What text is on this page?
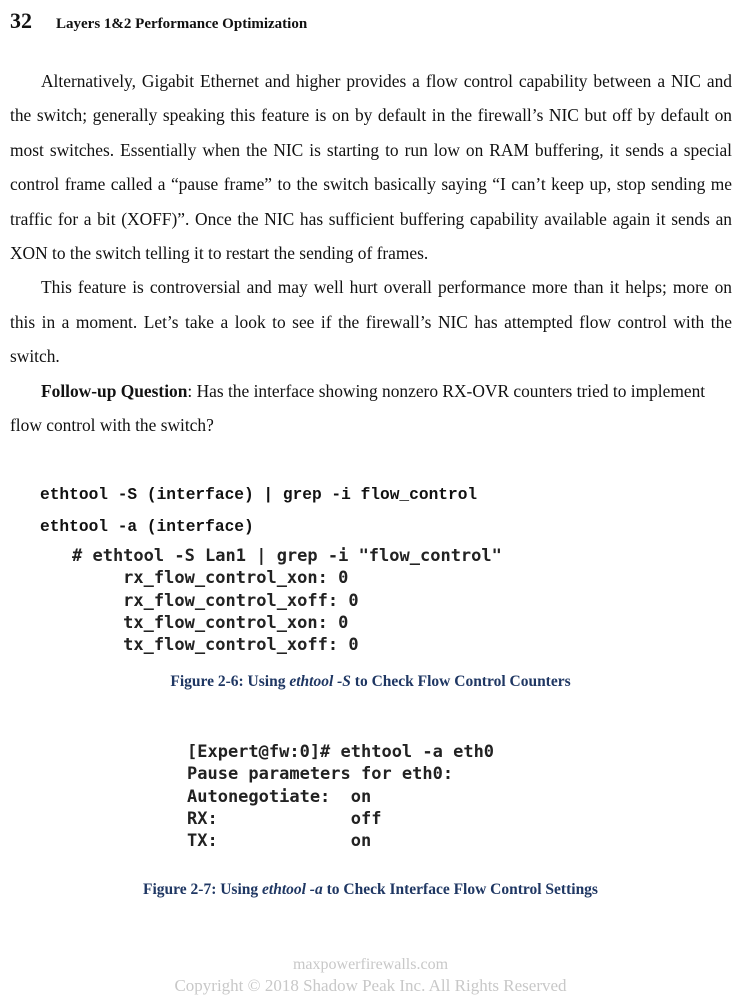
32 Layers 1&2 Performance Optimization

Alternatively, Gigabit Ethernet and higher provides a flow control capability between a NIC and the switch; generally speaking this feature is on by default in the firewall’s NIC but off by default on most switches. Essentially when the NIC is starting to run low on RAM buffering, it sends a special control frame called a “pause frame” to the switch basically saying “I can’t keep up, stop sending me traffic for a bit (XOFF)”. Once the NIC has sufficient buffering capability available again it sends an XON to the switch telling it to restart the sending of frames.

This feature is controversial and may well hurt overall performance more than it helps; more on this in a moment. Let’s take a look to see if the firewall’s NIC has attempted flow control with the switch.

Follow-up Question: Has the interface showing nonzero RX-OVR counters tried to implement flow control with the switch?

ethtool -S (interface) | grep -i flow_control
ethtool -a (interface)
# ethtool -S Lan1 | grep -i "flow_control"
rx_flow_control_xon: 0
rx_flow_control_xoff: 0
tx_flow_control_xon: 0
tx_flow_control_xoff: 0
Figure 2-6: Using ethtool -S to Check Flow Control Counters
[Expert@fw:0]# ethtool -a eth0
Pause parameters for eth0:
Autonegotiate:  on
RX:             off
TX:             on
Figure 2-7: Using ethtool -a to Check Interface Flow Control Settings
maxpowerfirewalls.com
Copyright © 2018 Shadow Peak Inc. All Rights Reserved
